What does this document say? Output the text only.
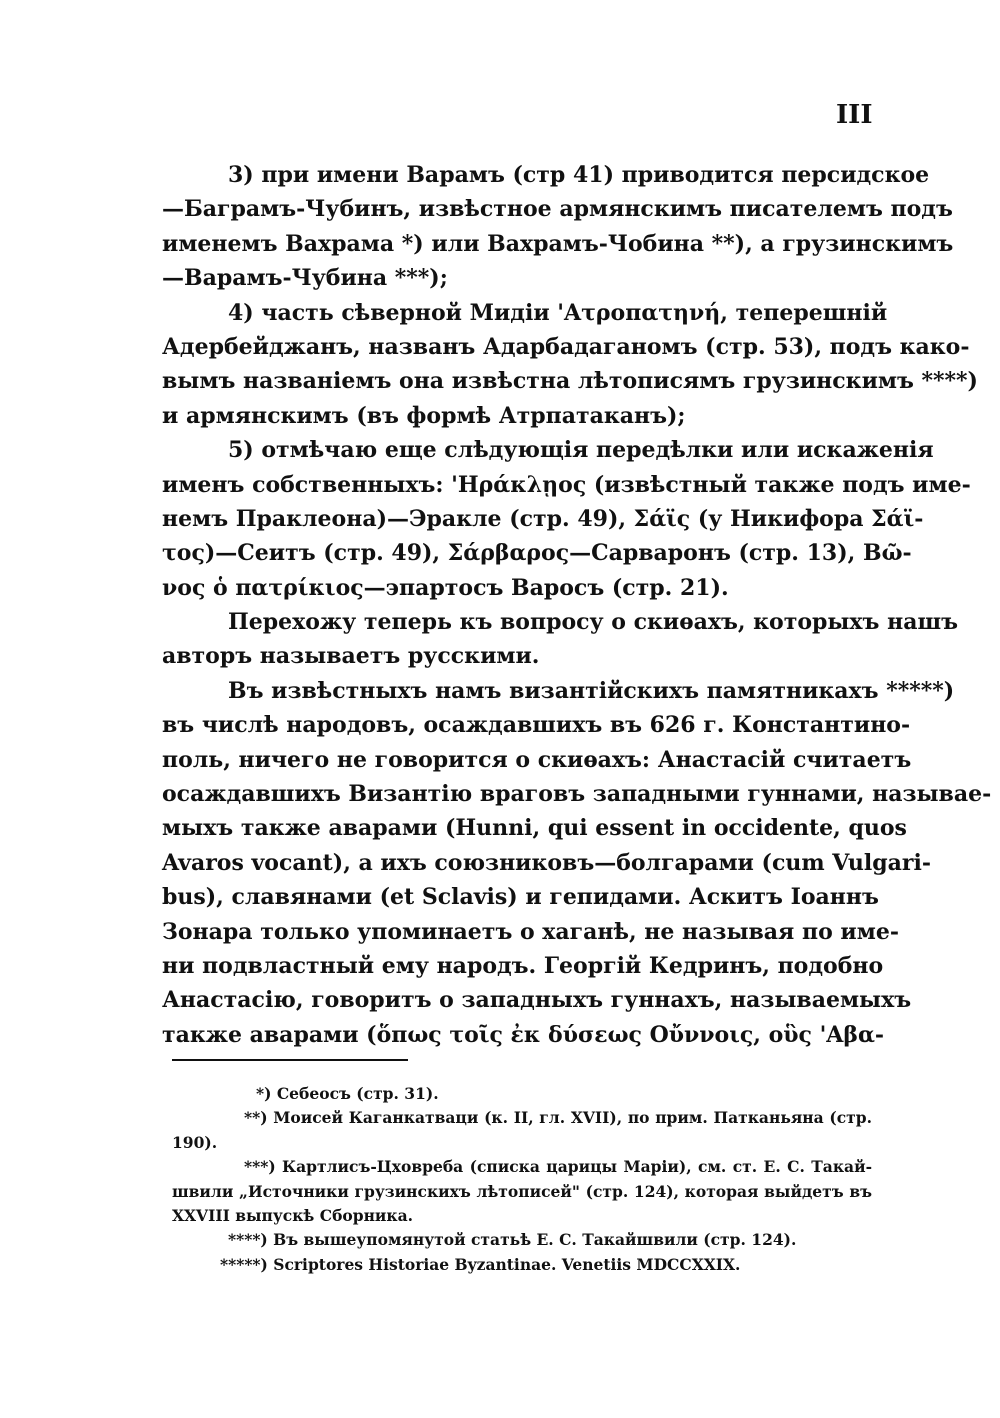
III
3) при имени Варамъ (стр 41) приводится персидское
—Баграмъ-Чубинъ, извѣстное армянскимъ писателемъ подъ
именемъ Вахрама *) или Вахрамъ-Чобина **), а грузинскимъ
—Варамъ-Чубина ***);
4) часть сѣверной Мидіи 'Ατροπατηνή, теперешній
Адербейджанъ, названъ Адарбадаганомъ (стр. 53), подъ како-
вымъ названіемъ она извѣстна лѣтописямъ грузинскимъ ****)
и армянскимъ (въ формѣ Атрпатаканъ);
5) отмѣчаю еще слѣдующія передѣлки или искаженія
именъ собственныхъ: 'Ηράκλῃος (извѣстный также подъ име-
немъ Праклеона)—Эракле (стр. 49), Σάϊς (у Никифора Σάϊ-
τος)—Сеитъ (стр. 49), Σάρβαρος—Сарваронъ (стр. 13), Βῶ-
νος ὁ πατρίκιος—эпартосъ Варосъ (стр. 21).
Перехожу теперь къ вопросу о скиѳахъ, которыхъ нашъ
авторъ называетъ русскими.
Въ извѣстныхъ намъ византійскихъ памятникахъ *****)
въ числѣ народовъ, осаждавшихъ въ 626 г. Константино-
поль, ничего не говорится о скиѳахъ: Анастасій считаетъ
осаждавшихъ Византію враговъ западными гуннами, называе-
мыхъ также аварами (Hunni, qui essent in occidente, quos
Avaros vocant), а ихъ союзниковъ—болгарами (cum Vulgari-
bus), славянами (et Sclavis) и гепидами. Аскитъ Іоаннъ
Зонара только упоминаетъ о хаганѣ, не называя по име-
ни подвластный ему народъ. Георгій Кедринъ, подобно
Анастасію, говоритъ о западныхъ гуннахъ, называемыхъ
также аварами (ὅπως τοῖς ἐκ δύσεως Οὔννοις, οὓς 'Αβα-
*) Себеосъ (стр. 31).
**) Моисей Каганкатваци (к. II, гл. XVII), по прим. Патканьяна (стр.
190).
***) Картлисъ-Цховреба (списка царицы Маріи), см. ст. Е. С. Такай-
швили „Источники грузинскихъ лѣтописей" (стр. 124), которая выйдетъ въ
XXVIII выпускѣ Сборника.
****) Въ вышеупомянутой статьѣ Е. С. Такайшвили (стр. 124).
*****) Scriptores Historiae Byzantinae. Venetiis MDCCXXIX.
